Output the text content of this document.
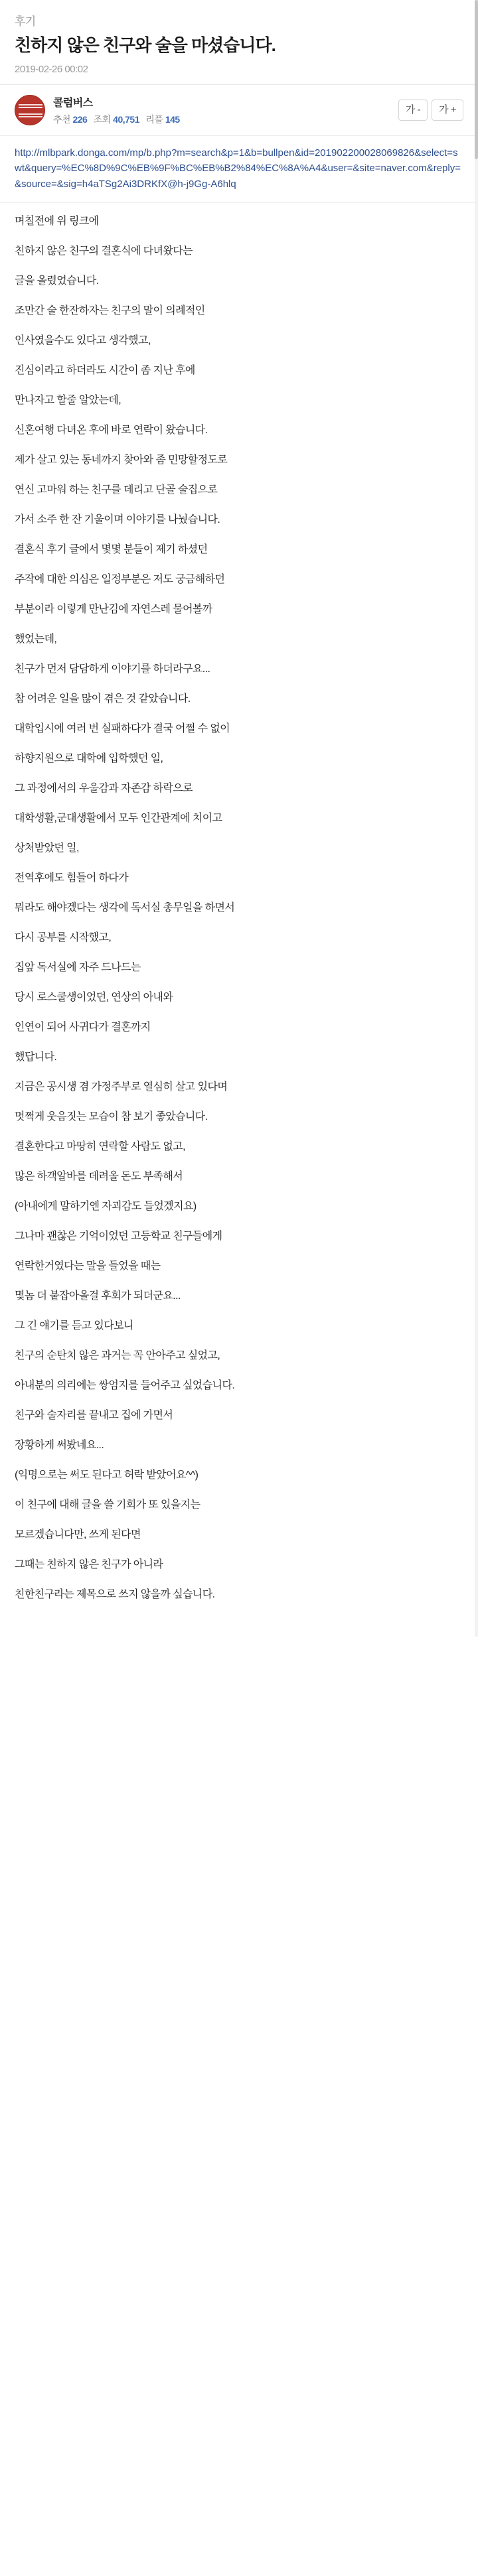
후기
친하지 않은 친구와 술을 마셨습니다.
2019-02-26 00:02
콜럼버스
추천 226 조회 40,751 리플 145
가 -	가 +
http://mlbpark.donga.com/mp/b.php?m=search&p=1&b=bullpen&id=201902200028069826&select=swt&query=%EC%8D%9C%EB%9F%BC%EB%B2%84%EC%8A%A4&user=&site=naver.com&reply=&source=&sig=h4aTSg2Ai3DRKfX@h-j9Gg-A6hlq

며칠전에 위 링크에

친하지 않은 친구의 결혼식에 다녀왔다는

글을 올렸었습니다.

조만간 술 한잔하자는 친구의 말이 의례적인

인사였을수도 있다고 생각했고,

진심이라고 하더라도 시간이 좀 지난 후에

만나자고 할줄 알았는데,

신혼여행 다녀온 후에 바로 연락이 왔습니다.

제가 살고 있는 동네까지 찾아와 좀 민망할정도로

연신 고마워 하는 친구를 데리고 단골 술집으로

가서 소주 한 잔 기울이며 이야기를 나눴습니다.

결혼식 후기 글에서 몇몇 분들이 제기 하셨던

주작에 대한 의심은 일정부분은 저도 궁금해하던

부분이라 이렇게 만난김에 자연스레 물어볼까

했었는데,

친구가 먼저 담담하게 이야기를 하더라구요...

참 어려운 일을 많이 겪은 것 같았습니다.

대학입시에 여러 번 실패하다가 결국 어쩔 수 없이

하향지원으로 대학에 입학했던 일,

그 과정에서의 우울감과 자존감 하락으로

대학생활,군대생활에서 모두 인간관계에 치이고

상처받았던 일,

전역후에도 힘들어 하다가

뭐라도 해야겠다는 생각에 독서실 총무일을 하면서

다시 공부를 시작했고,

집앞 독서실에 자주 드나드는

당시 로스쿨생이었던, 연상의 아내와

인연이 되어 사귀다가 결혼까지

했답니다.

지금은 공시생 겸 가정주부로 열심히 살고 있다며

멋쩍게 웃음짓는 모습이 참 보기 좋았습니다.

결혼한다고 마땅히 연락할 사람도 없고,

많은 하객알바를 데려올 돈도 부족해서

(아내에게 말하기엔 자괴감도 들었겠지요)

그나마 괜찮은 기억이었던 고등학교 친구들에게

연락한거였다는 말을 들었을 때는

몇놈 더 붙잡아올걸 후회가 되더군요...

그 긴 얘기를 듣고 있다보니

친구의 순탄치 않은 과거는 꼭 안아주고 싶었고,

아내분의 의리에는 쌍엄지를 들어주고 싶었습니다.

친구와 술자리를 끝내고 집에 가면서

장황하게 써봤네요...

(익명으로는 써도 된다고 허락 받았어요^^)

이 친구에 대해 글을 쓸 기회가 또 있을지는

모르겠습니다만, 쓰게 된다면

그때는 친하지 않은 친구가 아니라

친한친구라는 제목으로 쓰지 않을까 싶습니다.
